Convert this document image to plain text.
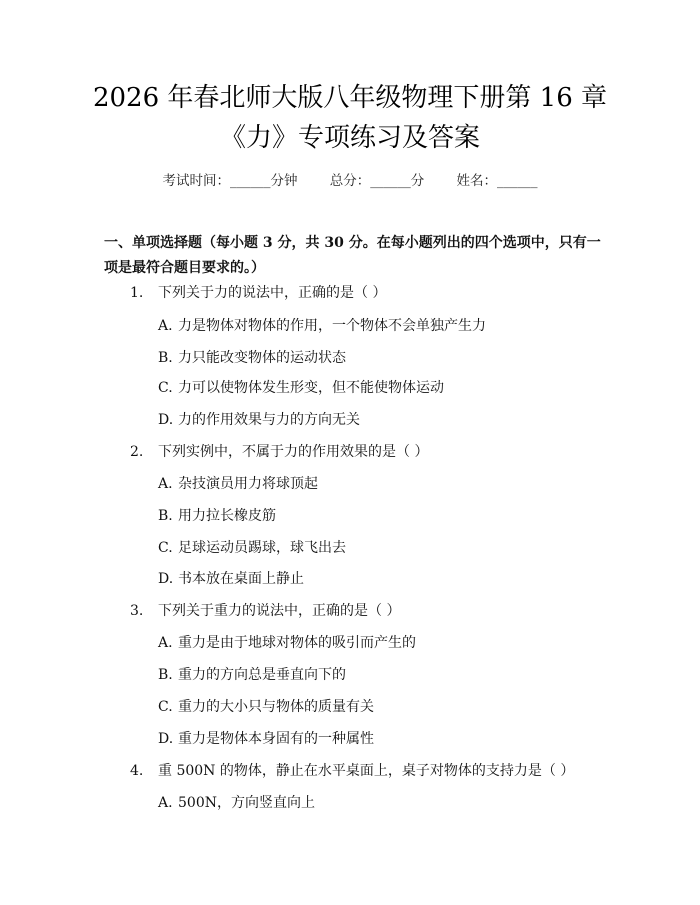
2026 年春北师大版八年级物理下册第 16 章
《力》专项练习及答案
考试时间：______分钟 总分：______分 姓名：______
一、单项选择题（每小题 3 分，共 30 分。在每小题列出的四个选项中，只有一项是最符合题目要求的。）
1. 下列关于力的说法中，正确的是（ ）
A. 力是物体对物体的作用，一个物体不会单独产生力
B. 力只能改变物体的运动状态
C. 力可以使物体发生形变，但不能使物体运动
D. 力的作用效果与力的方向无关
2. 下列实例中，不属于力的作用效果的是（ ）
A. 杂技演员用力将球顶起
B. 用力拉长橡皮筋
C. 足球运动员踢球，球飞出去
D. 书本放在桌面上静止
3. 下列关于重力的说法中，正确的是（ ）
A. 重力是由于地球对物体的吸引而产生的
B. 重力的方向总是垂直向下的
C. 重力的大小只与物体的质量有关
D. 重力是物体本身固有的一种属性
4. 重 500N 的物体，静止在水平桌面上，桌子对物体的支持力是（ ）
A. 500N，方向竖直向上
